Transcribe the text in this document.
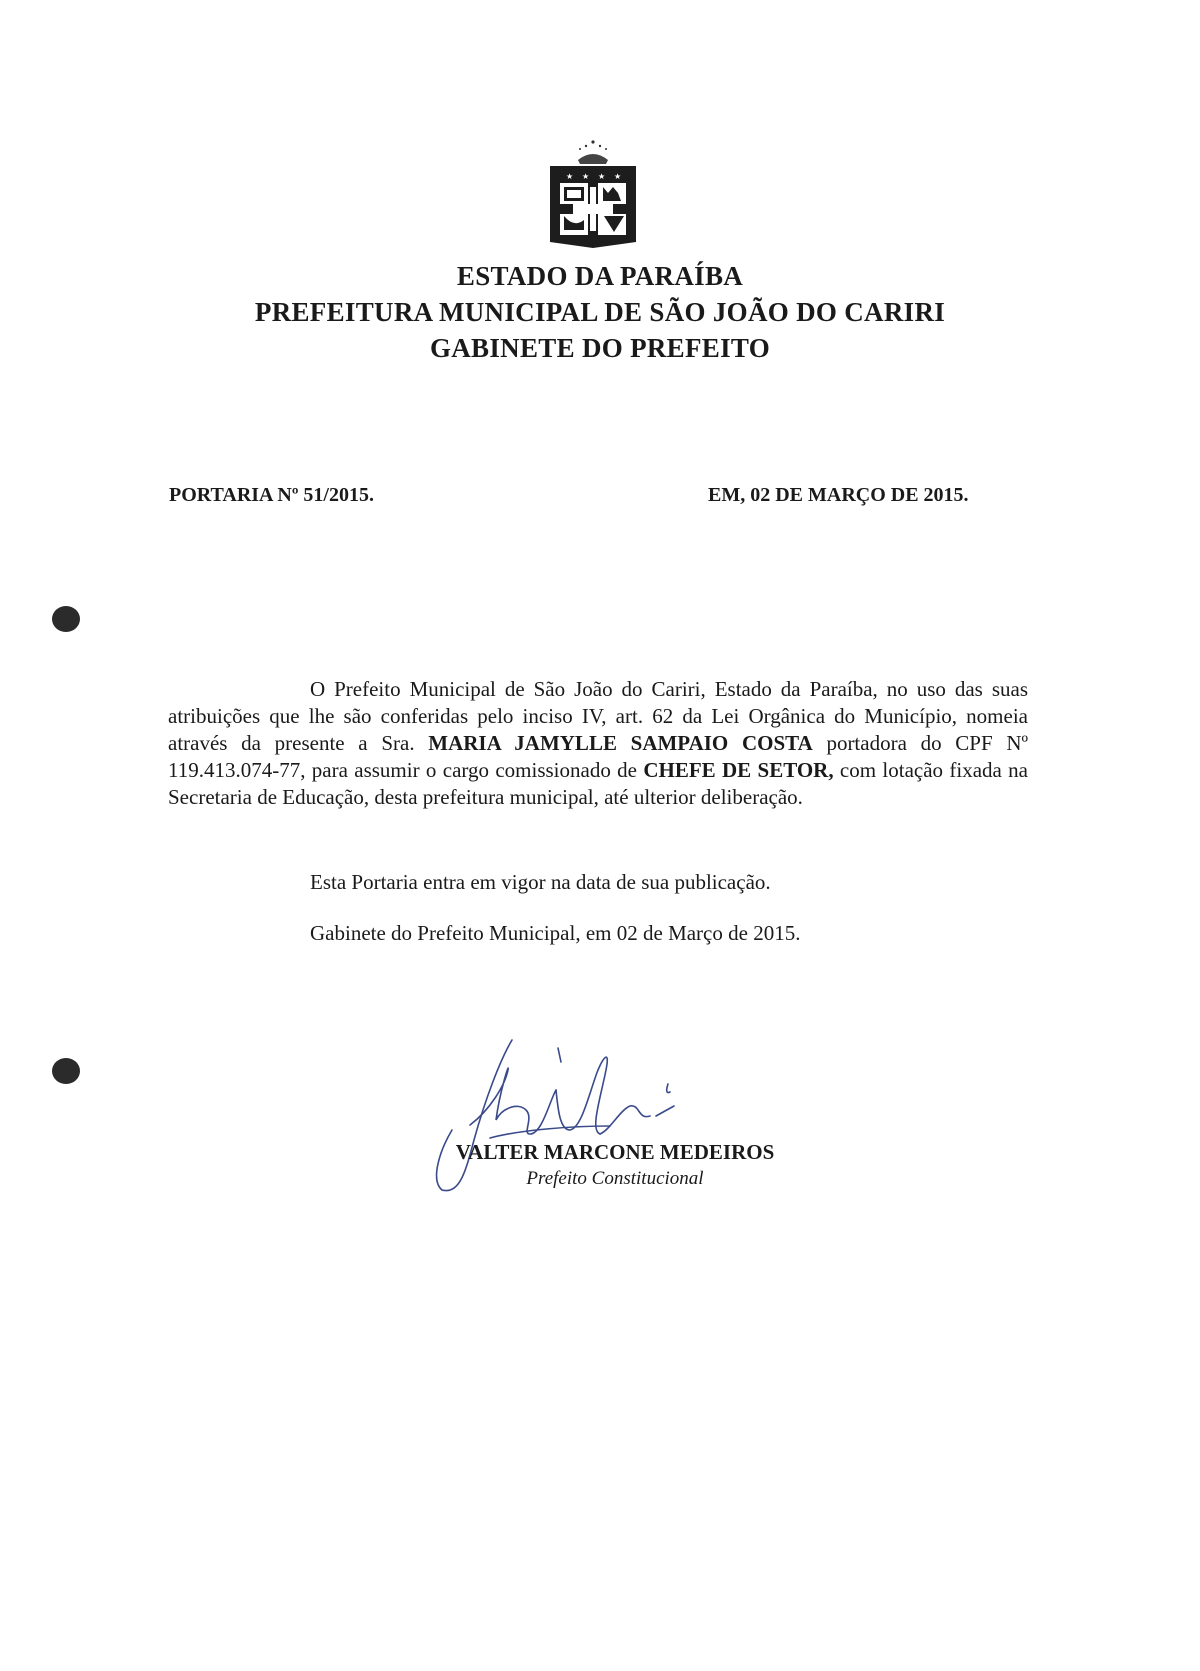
★ ★ ★ ★
ESTADO DA PARAÍBA
PREFEITURA MUNICIPAL DE SÃO JOÃO DO CARIRI
GABINETE DO PREFEITO
PORTARIA Nº 51/2015.	EM, 02 DE MARÇO DE 2015.
O Prefeito Municipal de São João do Cariri, Estado da Paraíba, no uso das suas atribuições que lhe são conferidas pelo inciso IV, art. 62 da Lei Orgânica do Município, nomeia através da presente a Sra. MARIA JAMYLLE SAMPAIO COSTA portadora do CPF Nº 119.413.074-77, para assumir o cargo comissionado de CHEFE DE SETOR, com lotação fixada na Secretaria de Educação, desta prefeitura municipal, até ulterior deliberação.
Esta Portaria entra em vigor na data de sua publicação.
Gabinete do Prefeito Municipal, em 02 de Março de 2015.
VALTER MARCONE MEDEIROS
Prefeito Constitucional
